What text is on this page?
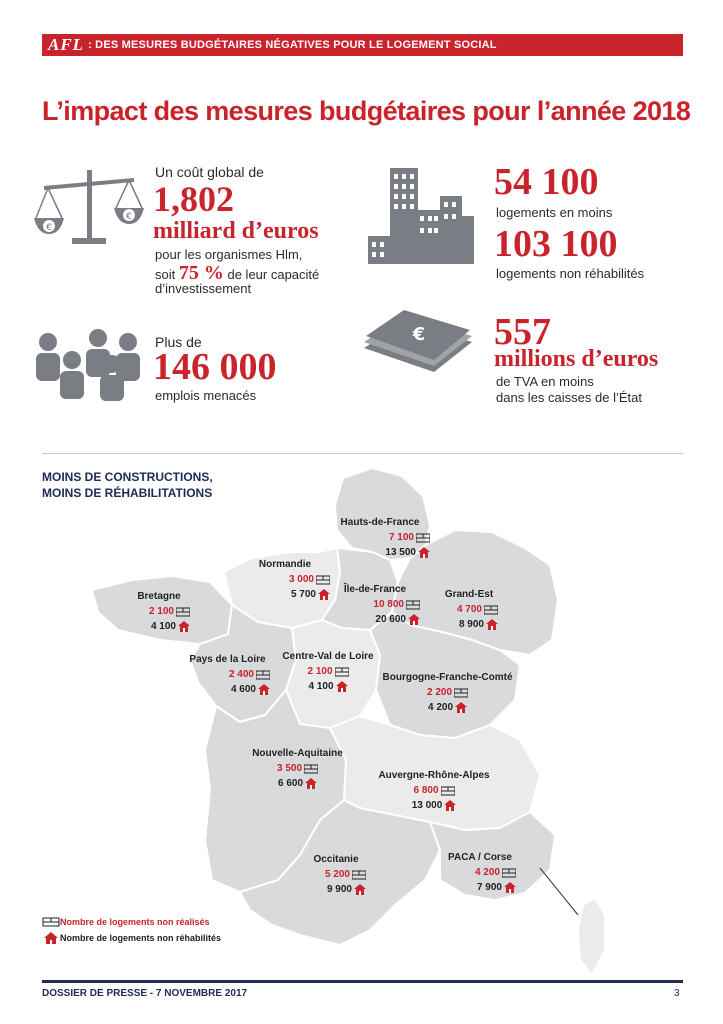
AFL : DES MESURES BUDGÉTAIRES NÉGATIVES POUR LE LOGEMENT SOCIAL
L’impact des mesures budgétaires pour l’année 2018
€
€
Un coût global de
1,802
milliard d’euros
pour les organismes Hlm,
soit 75 % de leur capacité
d’investissement
54 100
logements en moins
103 100
logements non réhabilités
Plus de
146 000
emplois menacés
€ 557
millions d’euros
de TVA en moins
dans les caisses de l’État
MOINS DE CONSTRUCTIONS,
MOINS DE RÉHABILITATIONS
Hauts-de-France
7 100
13 500
Normandie
3 000
5 700	Île-de-France
10 800
20 600
Grand-Est
4 700
8 900
Bretagne
2 100
4 100
Pays de la Loire
2 400
4 600
Centre-Val de Loire
2 100
4 100
Bourgogne-Franche-Comté
2 200
4 200
Nouvelle-Aquitaine
3 500
6 600
Auvergne-Rhône-Alpes
6 800
13 000
Occitanie
5 200
9 900
PACA / Corse
4 200
7 900
Nombre de logements non réalisés
Nombre de logements non réhabilités
DOSSIER DE PRESSE - 7 NOVEMBRE 2017	3
